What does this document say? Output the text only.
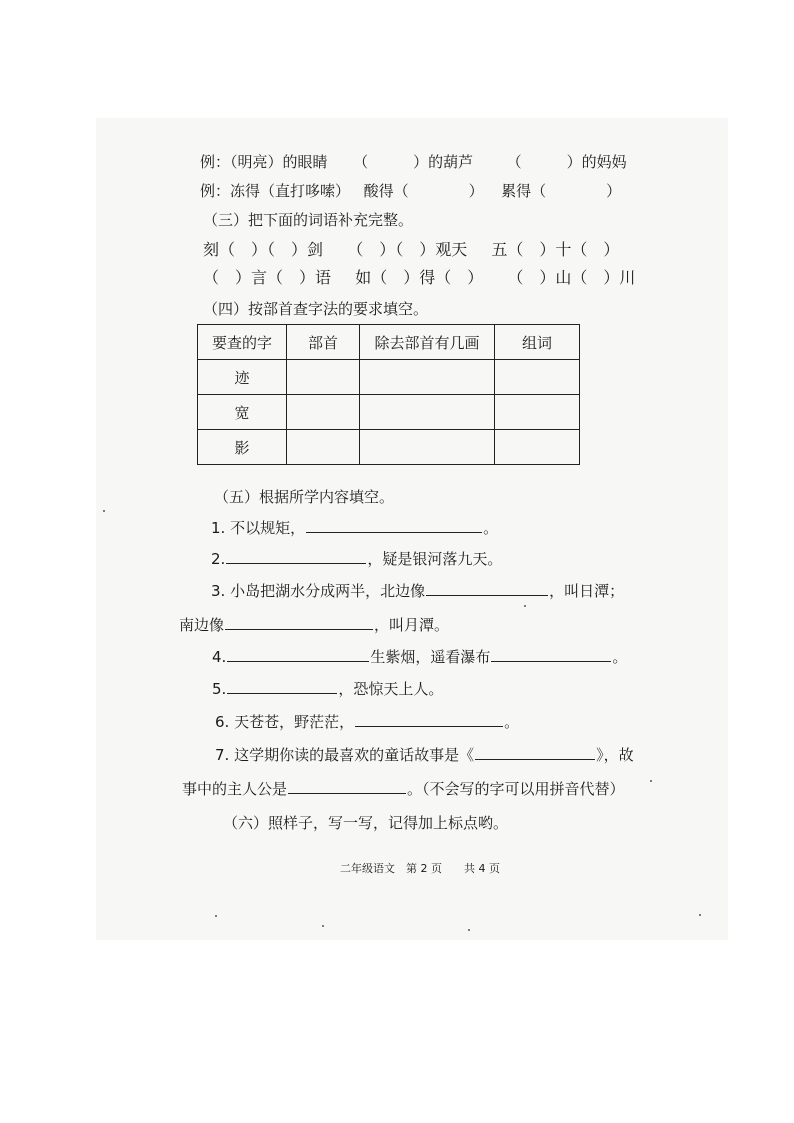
例：（明亮）的眼睛 （　　　）的葫芦 （　　　）的妈妈
例：冻得（直打哆嗦） 酸得（　　　　） 累得（　　　　）
（三）把下面的词语补充完整。
刻（　）（　）剑 （　）（　）观天 五（　）十（　）
（　）言（　）语 如（　）得（　） （　）山（　）川
（四）按部首查字法的要求填空。
要查的字	部首	除去部首有几画	组词
迹			
宽			
影			
（五）根据所学内容填空。
1. 不以规矩，	。
2.	，疑是银河落九天。
3. 小岛把湖水分成两半，北边像	，叫日潭；
南边像	，叫月潭。
4.	生紫烟，遥看瀑布	。
5.	，恐惊天上人。
6. 天苍苍，野茫茫，	。
7. 这学期你读的最喜欢的童话故事是《	》，故
事中的主人公是	。（不会写的字可以用拼音代替）
（六）照样子，写一写，记得加上标点哟。
二年级语文　第 2 页　　共 4 页
